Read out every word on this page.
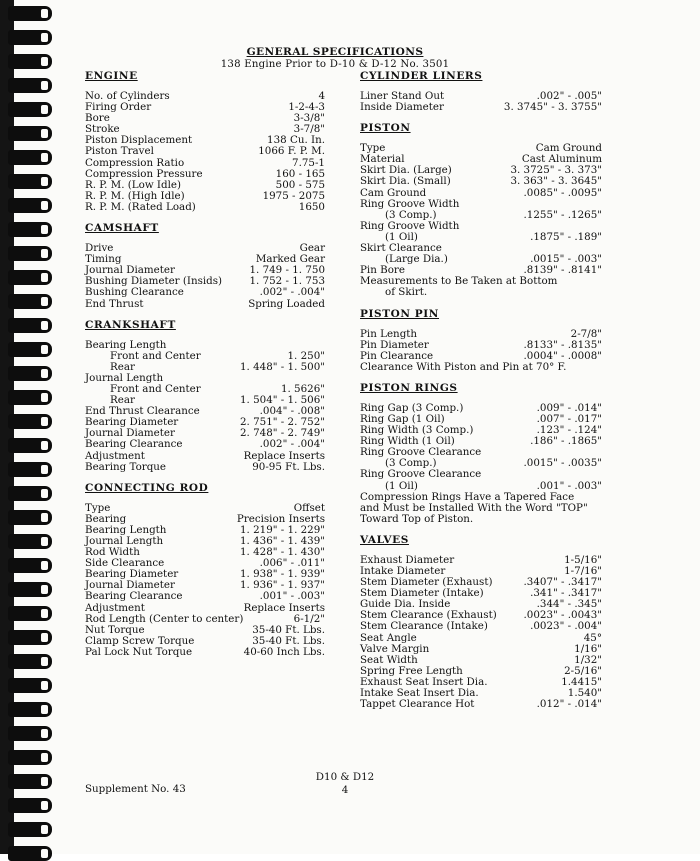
GENERAL SPECIFICATIONS
138 Engine Prior to D-10 & D-12 No. 3501
ENGINE
No. of Cylinders	4
Firing Order	1-2-4-3
Bore	3-3/8"
Stroke	3-7/8"
Piston Displacement	138 Cu. In.
Piston Travel	1066 F. P. M.
Compression Ratio	7.75-1
Compression Pressure	160 - 165
R. P. M. (Low Idle)	500 - 575
R. P. M. (High Idle)	1975 - 2075
R. P. M. (Rated Load)	1650
CAMSHAFT
Drive	Gear
Timing	Marked Gear
Journal Diameter	1. 749 - 1. 750
Bushing Diameter (Insids)	1. 752 - 1. 753
Bushing Clearance	.002" - .004"
End Thrust	Spring Loaded
CRANKSHAFT
Bearing Length
Front and Center	1. 250"
Rear	1. 448" - 1. 500"
Journal Length
Front and Center	1. 5626"
Rear	1. 504" - 1. 506"
End Thrust Clearance	.004" - .008"
Bearing Diameter	2. 751" - 2. 752"
Journal Diameter	2. 748" - 2. 749"
Bearing Clearance	.002" - .004"
Adjustment	Replace Inserts
Bearing Torque	90-95 Ft. Lbs.
CONNECTING ROD
Type	Offset
Bearing	Precision Inserts
Bearing Length	1. 219" - 1. 229"
Journal Length	1. 436" - 1. 439"
Rod Width	1. 428" - 1. 430"
Side Clearance	.006" - .011"
Bearing Diameter	1. 938" - 1. 939"
Journal Diameter	1. 936" - 1. 937"
Bearing Clearance	.001" - .003"
Adjustment	Replace Inserts
Rod Length (Center to center)	6-1/2"
Nut Torque	35-40 Ft. Lbs.
Clamp Screw Torque	35-40 Ft. Lbs.
Pal Lock Nut Torque	40-60 Inch Lbs.
CYLINDER LINERS
Liner Stand Out	.002" - .005"
Inside Diameter	3. 3745" - 3. 3755"
PISTON
Type	Cam Ground
Material	Cast Aluminum
Skirt Dia. (Large)	3. 3725" - 3. 373"
Skirt Dia. (Small)	3. 363" - 3. 3645"
Cam Ground	.0085" - .0095"
Ring Groove Width
(3 Comp.)	.1255" - .1265"
Ring Groove Width
(1 Oil)	.1875" - .189"
Skirt Clearance
(Large Dia.)	.0015" - .003"
Pin Bore	.8139" - .8141"
Measurements to Be Taken at Bottom
of Skirt.
PISTON PIN
Pin Length	2-7/8"
Pin Diameter	.8133" - .8135"
Pin Clearance	.0004" - .0008"
Clearance With Piston and Pin at 70° F.
PISTON RINGS
Ring Gap (3 Comp.)	.009" - .014"
Ring Gap (1 Oil)	.007" - .017"
Ring Width (3 Comp.)	.123" - .124"
Ring Width (1 Oil)	.186" - .1865"
Ring Groove Clearance
(3 Comp.)	.0015" - .0035"
Ring Groove Clearance
(1 Oil)	.001" - .003"
Compression Rings Have a Tapered Face
and Must be Installed With the Word "TOP"
Toward Top of Piston.
VALVES
Exhaust Diameter	1-5/16"
Intake Diameter	1-7/16"
Stem Diameter (Exhaust)	.3407" - .3417"
Stem Diameter (Intake)	.341" - .3417"
Guide Dia. Inside	.344" - .345"
Stem Clearance (Exhaust)	.0023" - .0043"
Stem Clearance (Intake)	.0023" - .004"
Seat Angle	45°
Valve Margin	1/16"
Seat Width	1/32"
Spring Free Length	2-5/16"
Exhaust Seat Insert Dia.	1.4415"
Intake Seat Insert Dia.	1.540"
Tappet Clearance Hot	.012" - .014"
D10 & D12
4
Supplement No. 43
